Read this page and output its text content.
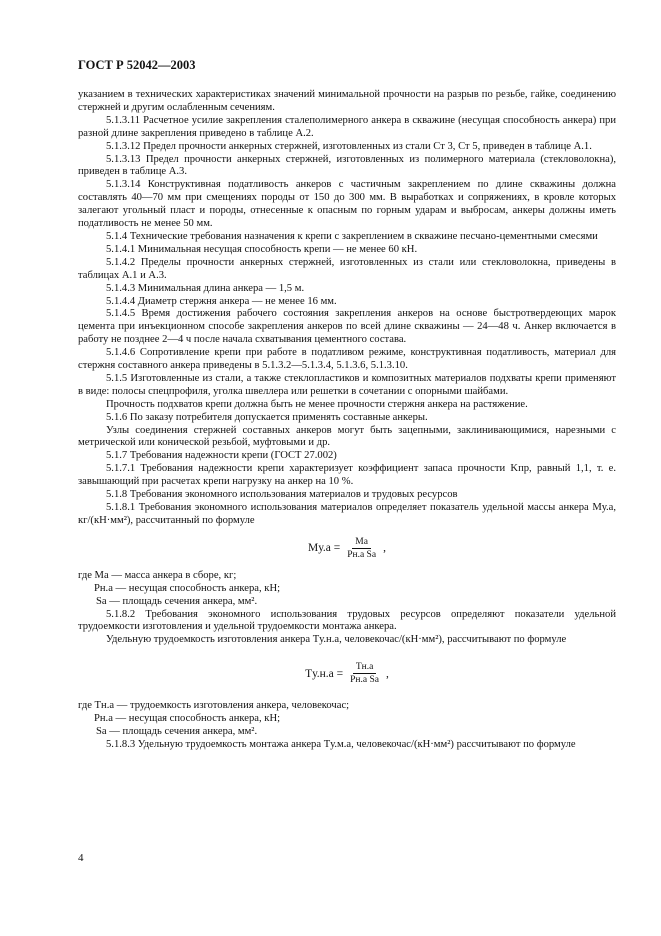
ГОСТ Р 52042—2003

указанием в технических характеристиках значений минимальной прочности на разрыв по резьбе, гайке, соединению стержней и другим ослабленным сечениям.

5.1.3.11 Расчетное усилие закрепления сталеполимерного анкера в скважине (несущая способность анкера) при разной длине закрепления приведено в таблице А.2.

5.1.3.12 Предел прочности анкерных стержней, изготовленных из стали Ст 3, Ст 5, приведен в таблице А.1.

5.1.3.13 Предел прочности анкерных стержней, изготовленных из полимерного материала (стекловолокна), приведен в таблице А.3.

5.1.3.14 Конструктивная податливость анкеров с частичным закреплением по длине скважины должна составлять 40—70 мм при смещениях породы от 150 до 300 мм. В выработках и сопряжениях, в кровле которых залегают угольный пласт и породы, отнесенные к опасным по горным ударам и выбросам, анкеры должны иметь податливость не менее 50 мм.

5.1.4 Технические требования назначения к крепи с закреплением в скважине песчано-цементными смесями

5.1.4.1 Минимальная несущая способность крепи — не менее 60 кН.

5.1.4.2 Пределы прочности анкерных стержней, изготовленных из стали или стекловолокна, приведены в таблицах А.1 и А.3.

5.1.4.3 Минимальная длина анкера — 1,5 м.

5.1.4.4 Диаметр стержня анкера — не менее 16 мм.

5.1.4.5 Время достижения рабочего состояния закрепления анкеров на основе быстротвердеющих марок цемента при инъекционном способе закрепления анкеров по всей длине скважины — 24—48 ч. Анкер включается в работу не позднее 2—4 ч после начала схватывания цементного состава.

5.1.4.6 Сопротивление крепи при работе в податливом режиме, конструктивная податливость, материал для стержня составного анкера приведены в 5.1.3.2—5.1.3.4, 5.1.3.6, 5.1.3.10.

5.1.5 Изготовленные из стали, а также стеклопластиков и композитных материалов подхваты крепи применяют в виде: полосы спецпрофиля, уголка швеллера или решетки в сочетании с опорными шайбами.

Прочность подхватов крепи должна быть не менее прочности стержня анкера на растяжение.

5.1.6 По заказу потребителя допускается применять составные анкеры.

Узлы соединения стержней составных анкеров могут быть зацепными, заклинивающимися, нарезными с метрической или конической резьбой, муфтовыми и др.

5.1.7 Требования надежности крепи (ГОСТ 27.002)

5.1.7.1 Требования надежности крепи характеризует коэффициент запаса прочности Kпр, равный 1,1, т. е. завышающий при расчетах крепи нагрузку на анкер на 10 %.

5.1.8 Требования экономного использования материалов и трудовых ресурсов

5.1.8.1 Требования экономного использования материалов определяет показатель удельной массы анкера Mу.а, кг/(кН·мм²), рассчитанный по формуле

$Mу.а = \frac{Mа}{\text{Pн.а Sа}}$ ,

где Mа — масса анкера в сборе, кг;

Pн.а — несущая способность анкера, кН;

Sа — площадь сечения анкера, мм².

5.1.8.2 Требования экономного использования трудовых ресурсов определяют показатели удельной трудоемкости изготовления и удельной трудоемкости монтажа анкера.

Удельную трудоемкость изготовления анкера Tу.н.а, человекочас/(кН·мм²), рассчитывают по формуле

$Tу.н.а = \frac{Tн.а}{\text{Pн.а Sа}}$ ,

где Tн.а — трудоемкость изготовления анкера, человекочас;

Pн.а — несущая способность анкера, кН;

Sа — площадь сечения анкера, мм².

5.1.8.3 Удельную трудоемкость монтажа анкера Tу.м.а, человекочас/(кН·мм²) рассчитывают по формуле

4
